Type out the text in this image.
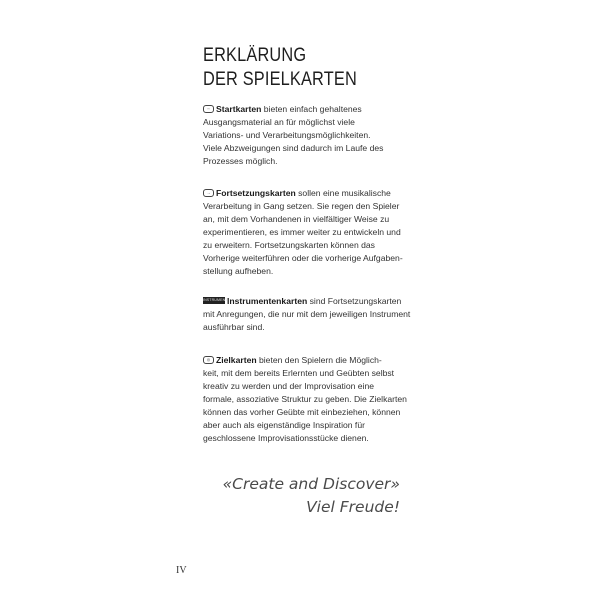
ERKLÄRUNG
DER SPIELKARTEN
◦◦ Startkarten bieten einfach gehaltenes
Ausgangsmaterial an für möglichst viele
Variations- und Verarbeitungsmöglichkeiten.
Viele Abzweigungen sind dadurch im Laufe des
Prozesses möglich.
→ Fortsetzungskarten sollen eine musikalische
Verarbeitung in Gang setzen. Sie regen den Spieler
an, mit dem Vorhandenen in vielfältiger Weise zu
experimentieren, es immer weiter zu entwickeln und
zu erweitern. Fortsetzungskarten können das
Vorherige weiterführen oder die vorherige Aufgaben-
stellung aufheben.
INSTRUMENTInstrumentenkarten sind Fortsetzungskarten
mit Anregungen, die nur mit dem jeweiligen Instrument
ausführbar sind.
◎ Zielkarten bieten den Spielern die Möglich-
keit, mit dem bereits Erlernten und Geübten selbst
kreativ zu werden und der Improvisation eine
formale, assoziative Struktur zu geben. Die Zielkarten
können das vorher Geübte mit einbeziehen, können
aber auch als eigenständige Inspiration für
geschlossene Improvisationsstücke dienen.
«Create and Discover»
Viel Freude!
IV
